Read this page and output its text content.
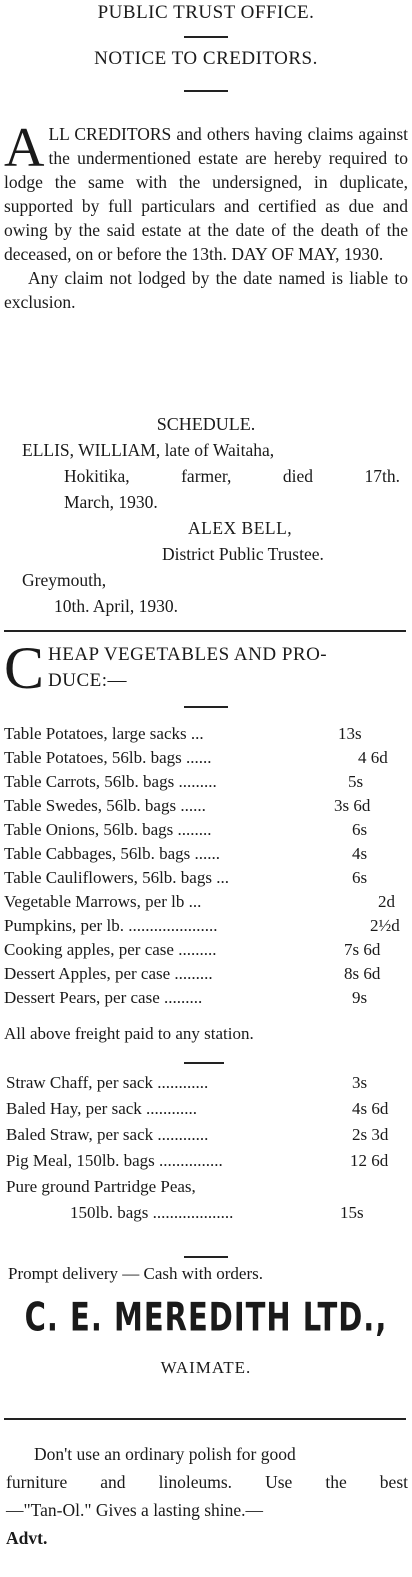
PUBLIC TRUST OFFICE.
NOTICE TO CREDITORS.

ALL CREDITORS and others having claims against the undermentioned estate are hereby required to lodge the same with the undersigned, in duplicate, supported by full particulars and certified as due and owing by the said estate at the date of the death of the deceased, on or before the 13th. DAY OF MAY, 1930.

Any claim not lodged by the date named is liable to exclusion.

SCHEDULE.
ELLIS, WILLIAM, late of Waitaha,
Hokitika, farmer, died 17th.
March, 1930.
ALEX BELL,
District Public Trustee.
Greymouth,
10th. April, 1930.
C HEAP VEGETABLES AND PRO-
DUCE:—
Table Potatoes, large sacks ...	13s
Table Potatoes, 56lb. bags ......	4 6d
Table Carrots, 56lb. bags .........	5s
Table Swedes, 56lb. bags ......	3s 6d
Table Onions, 56lb. bags ........	6s
Table Cabbages, 56lb. bags ......	4s
Table Cauliflowers, 56lb. bags ...	6s
Vegetable Marrows, per lb ...	2d
Pumpkins, per lb. .....................	2½d
Cooking apples, per case .........	7s 6d
Dessert Apples, per case .........	8s 6d
Dessert Pears, per case .........	9s
All above freight paid to any station.
Straw Chaff, per sack ............	3s
Baled Hay, per sack ............	4s 6d
Baled Straw, per sack ............	2s 3d
Pig Meal, 150lb. bags ...............	12 6d
Pure ground Partridge Peas,
150lb. bags ...................	15s
Prompt delivery — Cash with orders.
C. E. MEREDITH LTD.,
WAIMATE.
Don't use an ordinary polish for good
furniture and linoleums. Use the best
—"Tan-Ol." Gives a lasting shine.—
Advt.
